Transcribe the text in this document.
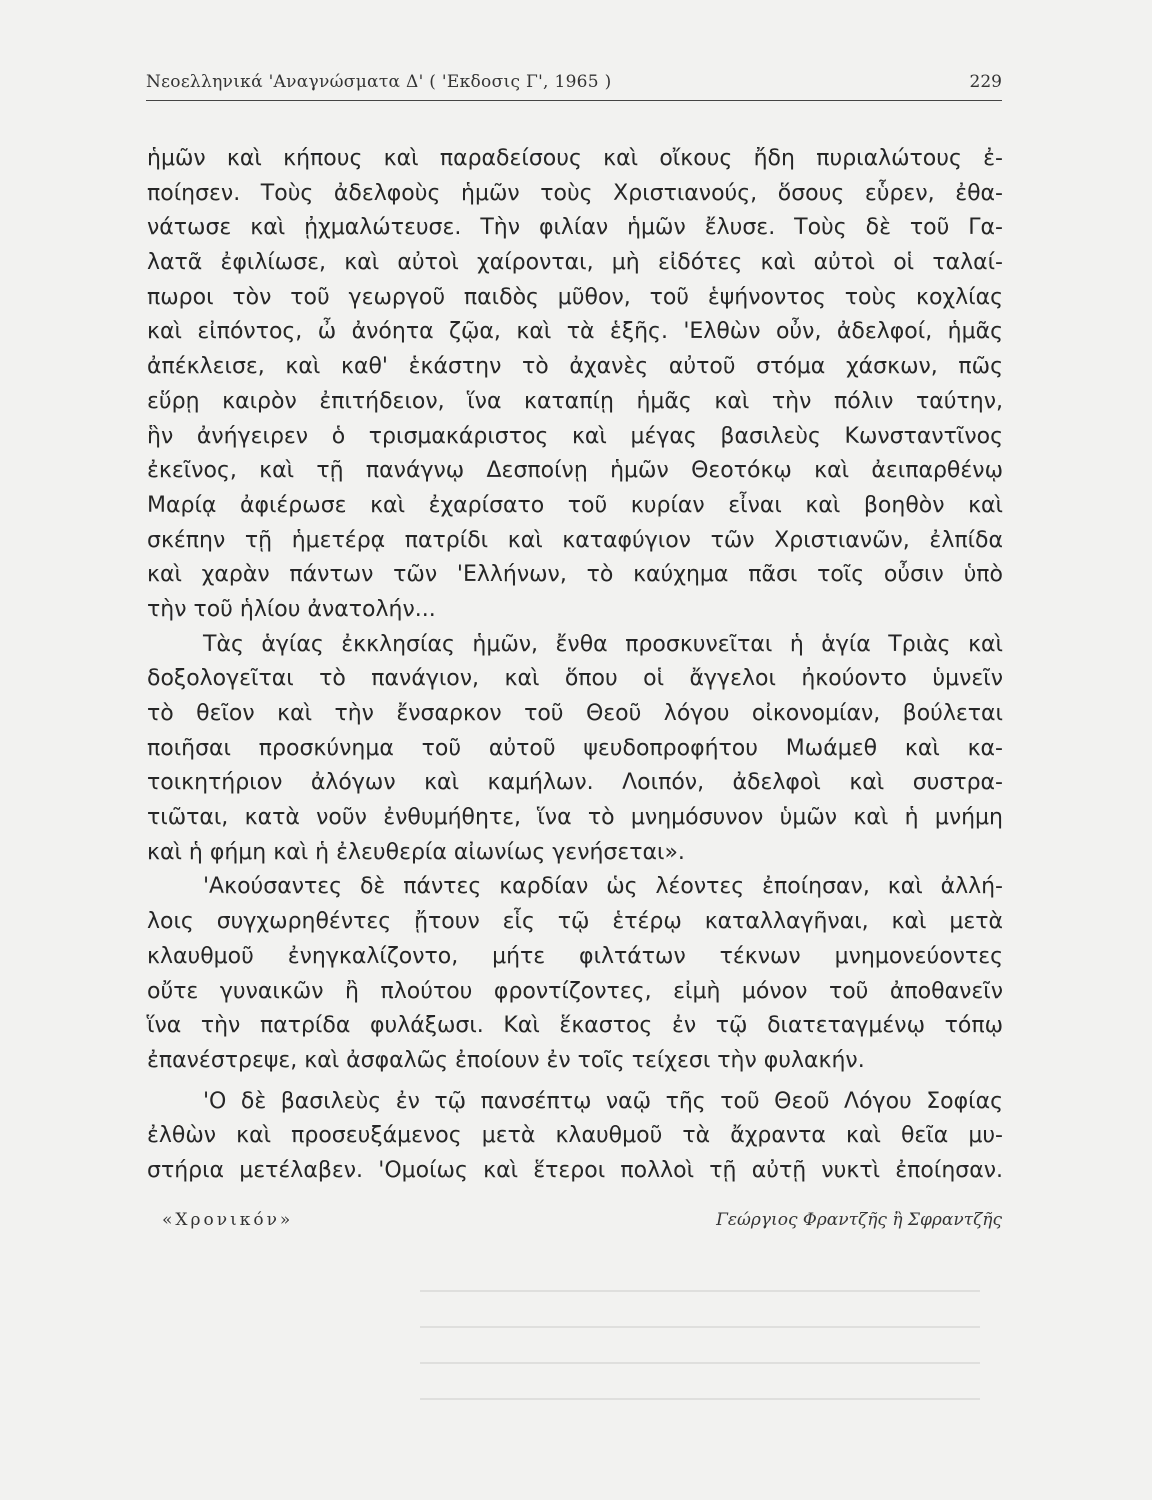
Νεοελληνικά 'Αναγνώσματα Δ' ( 'Εκδοσις Γ', 1965 )	229
ἡμῶν καὶ κήπους καὶ παραδείσους καὶ οἴκους ἤδη πυριαλώτους ἐ-
ποίησεν. Τοὺς ἀδελφοὺς ἡμῶν τοὺς Χριστιανούς, ὅσους εὗρεν, ἐθα-
νάτωσε καὶ ᾐχμαλώτευσε. Τὴν φιλίαν ἡμῶν ἔλυσε. Τοὺς δὲ τοῦ Γα-
λατᾶ ἐφιλίωσε, καὶ αὐτοὶ χαίρονται, μὴ εἰδότες καὶ αὐτοὶ οἱ ταλαί-
πωροι τὸν τοῦ γεωργοῦ παιδὸς μῦθον, τοῦ ἑψήνοντος τοὺς κοχλίας
καὶ εἰπόντος, ὦ ἀνόητα ζῷα, καὶ τὰ ἑξῆς. 'Ελθὼν οὖν, ἀδελφοί, ἡμᾶς
ἀπέκλεισε, καὶ καθ' ἑκάστην τὸ ἀχανὲς αὐτοῦ στόμα χάσκων, πῶς
εὕρῃ καιρὸν ἐπιτήδειον, ἵνα καταπίῃ ἡμᾶς καὶ τὴν πόλιν ταύτην,
ἣν ἀνήγειρεν ὁ τρισμακάριστος καὶ μέγας βασιλεὺς Κωνσταντῖνος
ἐκεῖνος, καὶ τῇ πανάγνῳ Δεσποίνῃ ἡμῶν Θεοτόκῳ καὶ ἀειπαρθένῳ
Μαρίᾳ ἀφιέρωσε καὶ ἐχαρίσατο τοῦ κυρίαν εἶναι καὶ βοηθὸν καὶ
σκέπην τῇ ἡμετέρᾳ πατρίδι καὶ καταφύγιον τῶν Χριστιανῶν, ἐλπίδα
καὶ χαρὰν πάντων τῶν 'Ελλήνων, τὸ καύχημα πᾶσι τοῖς οὖσιν ὑπὸ
τὴν τοῦ ἡλίου ἀνατολήν...
Τὰς ἁγίας ἐκκλησίας ἡμῶν, ἔνθα προσκυνεῖται ἡ ἁγία Τριὰς καὶ
δοξολογεῖται τὸ πανάγιον, καὶ ὅπου οἱ ἄγγελοι ἠκούοντο ὑμνεῖν
τὸ θεῖον καὶ τὴν ἔνσαρκον τοῦ Θεοῦ λόγου οἰκονομίαν, βούλεται
ποιῆσαι προσκύνημα τοῦ αὐτοῦ ψευδοπροφήτου Μωάμεθ καὶ κα-
τοικητήριον ἀλόγων καὶ καμήλων. Λοιπόν, ἀδελφοὶ καὶ συστρα-
τιῶται, κατὰ νοῦν ἐνθυμήθητε, ἵνα τὸ μνημόσυνον ὑμῶν καὶ ἡ μνήμη
καὶ ἡ φήμη καὶ ἡ ἐλευθερία αἰωνίως γενήσεται».
'Ακούσαντες δὲ πάντες καρδίαν ὡς λέοντες ἐποίησαν, καὶ ἀλλή-
λοις συγχωρηθέντες ᾔτουν εἷς τῷ ἑτέρῳ καταλλαγῆναι, καὶ μετὰ
κλαυθμοῦ ἐνηγκαλίζοντο, μήτε φιλτάτων τέκνων μνημονεύοντες
οὔτε γυναικῶν ἢ πλούτου φροντίζοντες, εἰμὴ μόνον τοῦ ἀποθανεῖν
ἵνα τὴν πατρίδα φυλάξωσι. Καὶ ἕκαστος ἐν τῷ διατεταγμένῳ τόπῳ
ἐπανέστρεψε, καὶ ἀσφαλῶς ἐποίουν ἐν τοῖς τείχεσι τὴν φυλακήν.
'Ο δὲ βασιλεὺς ἐν τῷ πανσέπτῳ ναῷ τῆς τοῦ Θεοῦ Λόγου Σοφίας
ἐλθὼν καὶ προσευξάμενος μετὰ κλαυθμοῦ τὰ ἄχραντα καὶ θεῖα μυ-
στήρια μετέλαβεν. 'Ομοίως καὶ ἕτεροι πολλοὶ τῇ αὐτῇ νυκτὶ ἐποίησαν.
«Χρονικόν»	Γεώργιος Φραντζῆς ἢ Σφραντζῆς
